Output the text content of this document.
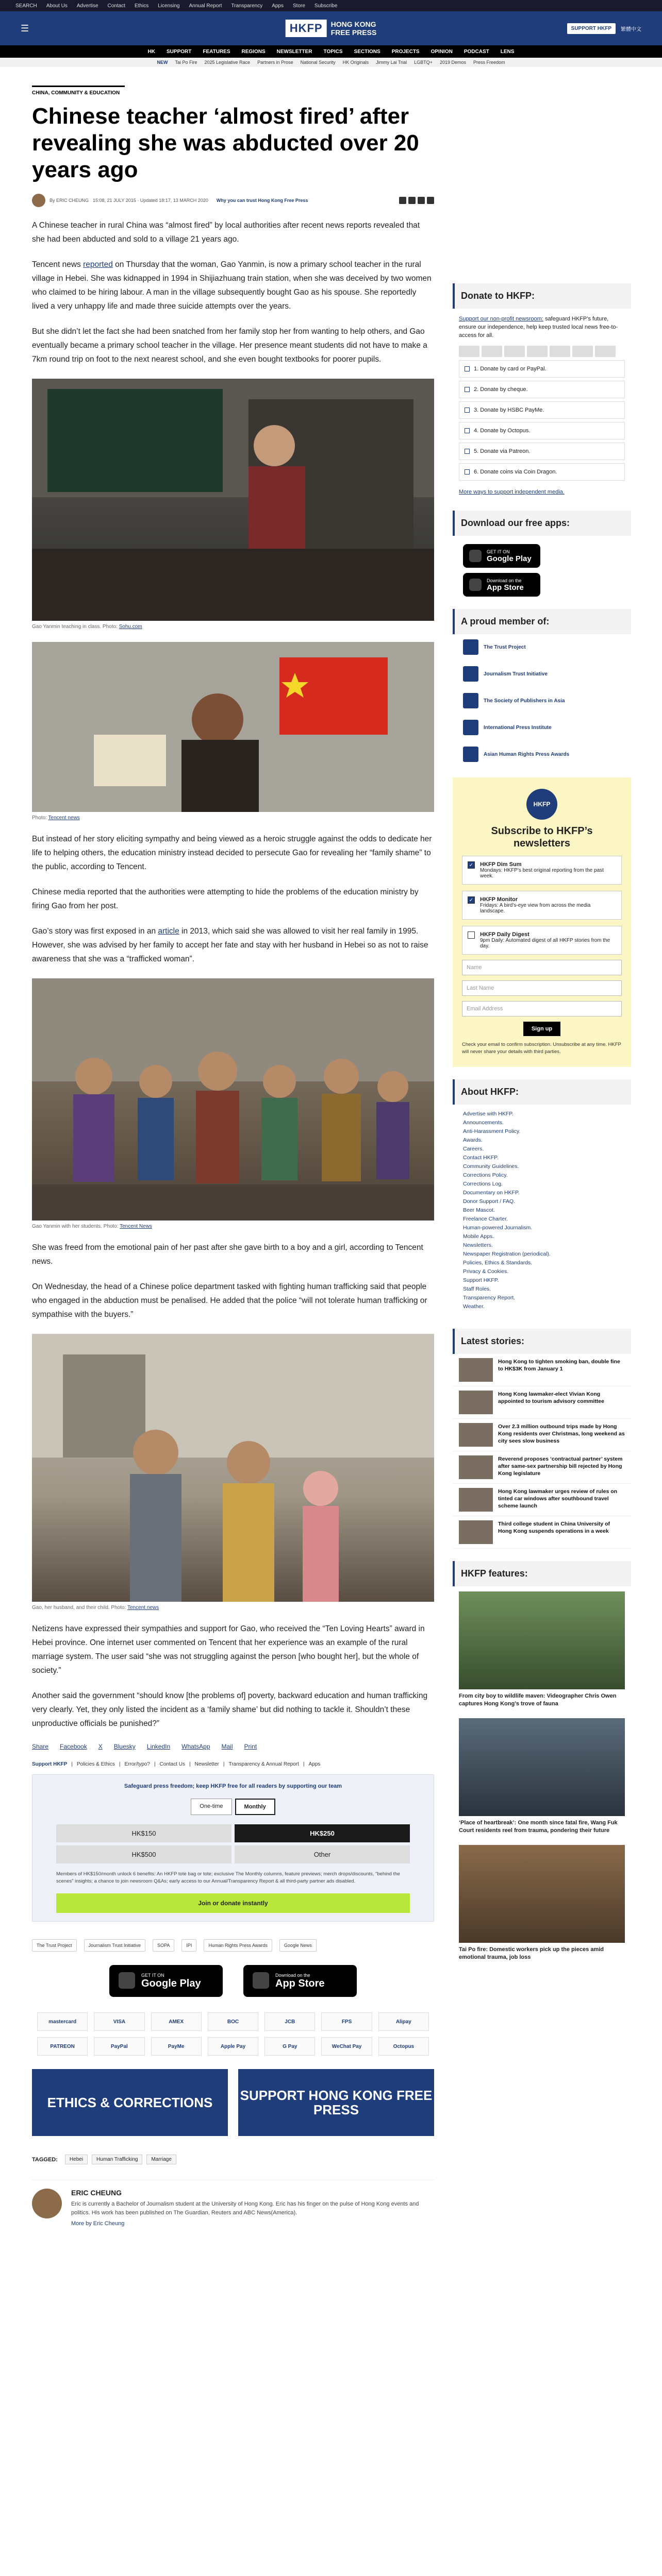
SEARCH About Us Advertise Contact Ethics Licensing Annual Report Transparency Apps Store Subscribe
☰	HKFP	HONG KONG
FREE PRESS	SUPPORT HKFP	繁體中文
HK SUPPORT FEATURES REGIONS NEWSLETTER TOPICS SECTIONS PROJECTS OPINION PODCAST LENS
NEW Tai Po Fire 2025 Legislative Race Partners in Prose National Security HK Originals Jimmy Lai Trial LGBTQ+ 2019 Demos Press Freedom
CHINA, COMMUNITY & EDUCATION
Chinese teacher ‘almost fired’ after revealing she was abducted over 20 years ago
By ERIC CHEUNG 15:08, 21 JULY 2015 · Updated 18:17, 13 MARCH 2020 Why you can trust Hong Kong Free Press

A Chinese teacher in rural China was “almost fired” by local authorities after recent news reports revealed that she had been abducted and sold to a village 21 years ago.

Tencent news reported on Thursday that the woman, Gao Yanmin, is now a primary school teacher in the rural village in Hebei. She was kidnapped in 1994 in Shijiazhuang train station, when she was deceived by two women who claimed to be hiring labour. A man in the village subsequently bought Gao as his spouse. She reportedly lived a very unhappy life and made three suicide attempts over the years.

But she didn’t let the fact she had been snatched from her family stop her from wanting to help others, and Gao eventually became a primary school teacher in the village. Her presence meant students did not have to make a 7km round trip on foot to the next nearest school, and she even bought textbooks for poorer pupils.

Gao Yanmin teaching in class. Photo: Sohu.com
Photo: Tencent news

But instead of her story eliciting sympathy and being viewed as a heroic struggle against the odds to dedicate her life to helping others, the education ministry instead decided to persecute Gao for revealing her “family shame” to the public, according to Tencent.

Chinese media reported that the authorities were attempting to hide the problems of the education ministry by firing Gao from her post.

Gao’s story was first exposed in an article in 2013, which said she was allowed to visit her real family in 1995. However, she was advised by her family to accept her fate and stay with her husband in Hebei so as not to raise awareness that she was a “trafficked woman”.

Gao Yanmin with her students. Photo: Tencent News

She was freed from the emotional pain of her past after she gave birth to a boy and a girl, according to Tencent news.

On Wednesday, the head of a Chinese police department tasked with fighting human trafficking said that people who engaged in the abduction must be penalised. He added that the police “will not tolerate human trafficking or sympathise with the buyers.”

Gao, her husband, and their child. Photo: Tencent news

Netizens have expressed their sympathies and support for Gao, who received the “Ten Loving Hearts” award in Hebei province. One internet user commented on Tencent that her experience was an example of the rural marriage system. The user said “she was not struggling against the person [who bought her], but the whole of society.”

Another said the government “should know [the problems of] poverty, backward education and human trafficking very clearly. Yet, they only listed the incident as a ‘family shame’ but did nothing to tackle it. Shouldn’t these unproductive officials be punished?”

Share Facebook X Bluesky LinkedIn WhatsApp Mail Print
Support HKFP | Policies & Ethics | Error/typo? | Contact Us | Newsletter | Transparency & Annual Report | Apps
Safeguard press freedom; keep HKFP free for all readers by supporting our team
One-time	Monthly
HK$150	HK$250
HK$500	Other
Members of HK$150/month unlock 6 benefits: An HKFP tote bag or tote; exclusive The Monthly columns, feature previews; merch drops/discounts, "behind the scenes" insights; a chance to join newsroom Q&As; early access to our Annual/Transparency Report & all third-party partner ads disabled.
Join or donate instantly
The Trust Project	Journalism Trust Initiative	SOPA	IPI	Human Rights Press Awards	Google News
GET IT ON
Google Play
Download on the
App Store
mastercard	VISA	AMEX	BOC	JCB	FPS	Alipay
PATREON	PayPal	PayMe	Apple Pay	G Pay	WeChat Pay	Octopus
ETHICS & CORRECTIONS	SUPPORT HONG KONG FREE PRESS
TAGGED:	Hebei	Human Trafficking	Marriage
ERIC CHEUNG
Eric is currently a Bachelor of Journalism student at the University of Hong Kong. Eric has his finger on the pulse of Hong Kong events and politics. His work has been published on The Guardian, Reuters and ABC News(America).
More by Eric Cheung
Donate to HKFP:
Support our non-profit newsroom: safeguard HKFP’s future, ensure our independence, help keep trusted local news free-to-access for all.
1. Donate by card or PayPal.
2. Donate by cheque.
3. Donate by HSBC PayMe.
4. Donate by Octopus.
5. Donate via Patreon.
6. Donate coins via Coin Dragon.
More ways to support independent media.
Download our free apps:
GET IT ON
Google Play
Download on the
App Store
A proud member of:
The Trust Project
Journalism Trust Initiative
The Society of Publishers in Asia
International Press Institute
Asian Human Rights Press Awards
HKFP
Subscribe to HKFP’s newsletters
✓ HKFP Dim Sum
Mondays: HKFP’s best original reporting from the past week.
✓ HKFP Monitor
Fridays: A bird’s-eye view from across the media landscape.
HKFP Daily Digest
9pm Daily: Automated digest of all HKFP stories from the day.
Name
Last Name
Email Address
Sign up
Check your email to confirm subscription. Unsubscribe at any time. HKFP will never share your details with third parties.
About HKFP:
Advertise with HKFP.
Announcements.
Anti-Harassment Policy.
Awards.
Careers.
Contact HKFP.
Community Guidelines.
Corrections Policy.
Corrections Log.
Documentary on HKFP.
Donor Support / FAQ.
Beer Mascot.
Freelance Charter.
Human-powered Journalism.
Mobile Apps.
Newsletters.
Newspaper Registration (periodical).
Policies, Ethics & Standards.
Privacy & Cookies.
Support HKFP.
Staff Roles.
Transparency Report.
Weather.
Latest stories:
Hong Kong to tighten smoking ban, double fine to HK$3K from January 1
Hong Kong lawmaker-elect Vivian Kong appointed to tourism advisory committee
Over 2.3 million outbound trips made by Hong Kong residents over Christmas, long weekend as city sees slow business
Reverend proposes ‘contractual partner’ system after same-sex partnership bill rejected by Hong Kong legislature
Hong Kong lawmaker urges review of rules on tinted car windows after southbound travel scheme launch
Third college student in China University of Hong Kong suspends operations in a week
HKFP features:
From city boy to wildlife maven: Videographer Chris Owen captures Hong Kong’s trove of fauna
‘Place of heartbreak’: One month since fatal fire, Wang Fuk Court residents reel from trauma, pondering their future
Tai Po fire: Domestic workers pick up the pieces amid emotional trauma, job loss
